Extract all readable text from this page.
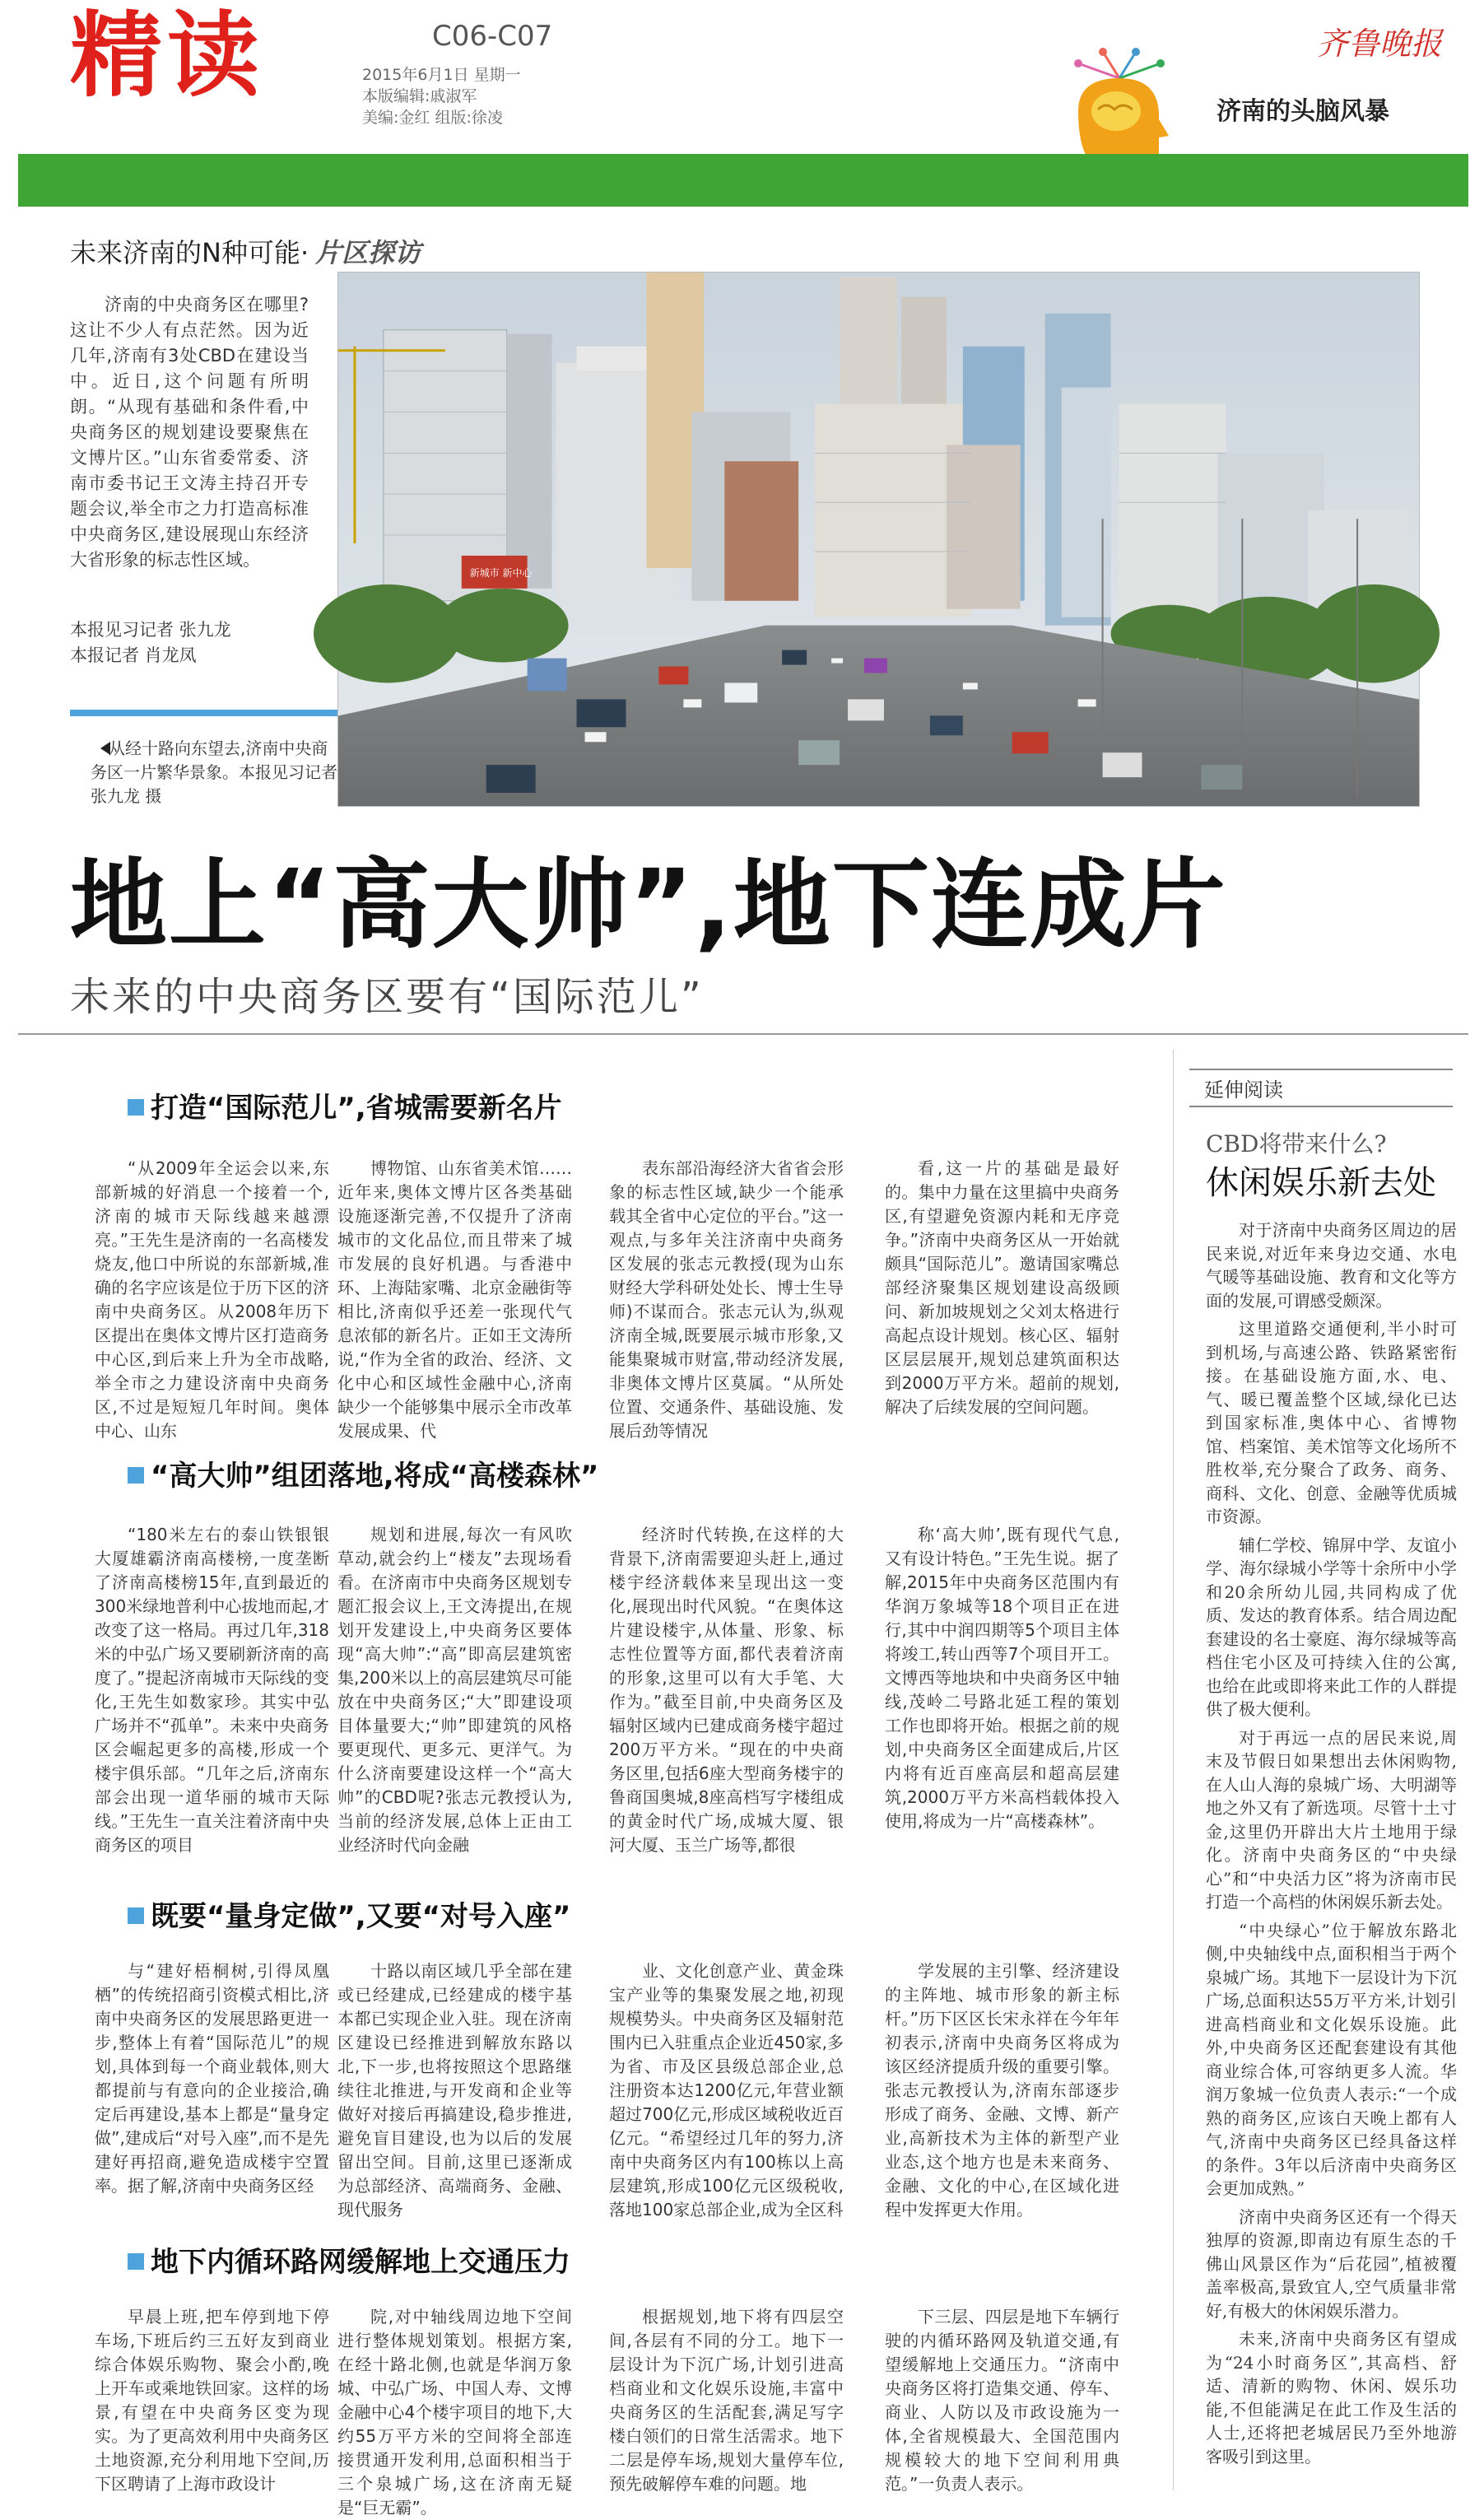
精读	C06-C07
2015年6月1日 星期一
本版编辑:戚淑军
美编:金红 组版:徐凌
齐鲁晚报
济南的头脑风暴
未来济南的N种可能· 片区探访
济南的中央商务区在哪里?这让不少人有点茫然。因为近几年,济南有3处CBD在建设当中。近日,这个问题有所明朗。“从现有基础和条件看,中央商务区的规划建设要聚焦在文博片区。”山东省委常委、济南市委书记王文涛主持召开专题会议,举全市之力打造高标准中央商务区,建设展现山东经济大省形象的标志性区域。
本报见习记者 张九龙
本报记者 肖龙凤
从经十路向东望去,济南中央商务区一片繁华景象。本报见习记者 张九龙 摄
新城市 新中心
地上“高大帅”,地下连成片
未来的中央商务区要有“国际范儿”
打造“国际范儿”,省城需要新名片
“从2009年全运会以来,东部新城的好消息一个接着一个,济南的城市天际线越来越漂亮。”王先生是济南的一名高楼发烧友,他口中所说的东部新城,准确的名字应该是位于历下区的济南中央商务区。从2008年历下区提出在奥体文博片区打造商务中心区,到后来上升为全市战略,举全市之力建设济南中央商务区,不过是短短几年时间。奥体中心、山东
博物馆、山东省美术馆……近年来,奥体文博片区各类基础设施逐渐完善,不仅提升了济南城市的文化品位,而且带来了城市发展的良好机遇。与香港中环、上海陆家嘴、北京金融街等相比,济南似乎还差一张现代气息浓郁的新名片。正如王文涛所说,“作为全省的政治、经济、文化中心和区域性金融中心,济南缺少一个能够集中展示全市改革发展成果、代
表东部沿海经济大省省会形象的标志性区域,缺少一个能承载其全省中心定位的平台。”这一观点,与多年关注济南中央商务区发展的张志元教授(现为山东财经大学科研处处长、博士生导师)不谋而合。张志元认为,纵观济南全城,既要展示城市形象,又能集聚城市财富,带动经济发展,非奥体文博片区莫属。“从所处位置、交通条件、基础设施、发展后劲等情况
看,这一片的基础是最好的。集中力量在这里搞中央商务区,有望避免资源内耗和无序竞争。”济南中央商务区从一开始就颇具“国际范儿”。邀请国家嘴总部经济聚集区规划建设高级顾问、新加坡规划之父刘太格进行高起点设计规划。核心区、辐射区层层展开,规划总建筑面积达到2000万平方米。超前的规划,解决了后续发展的空间问题。
“高大帅”组团落地,将成“高楼森林”
“180米左右的泰山铁银银大厦雄霸济南高楼榜,一度垄断了济南高楼榜15年,直到最近的300米绿地普利中心拔地而起,才改变了这一格局。再过几年,318米的中弘广场又要刷新济南的高度了。”提起济南城市天际线的变化,王先生如数家珍。其实中弘广场并不“孤单”。未来中央商务区会崛起更多的高楼,形成一个楼宇俱乐部。“几年之后,济南东部会出现一道华丽的城市天际线。”王先生一直关注着济南中央商务区的项目
规划和进展,每次一有风吹草动,就会约上“楼友”去现场看看。在济南市中央商务区规划专题汇报会议上,王文涛提出,在规划开发建设上,中央商务区要体现“高大帅”:“高”即高层建筑密集,200米以上的高层建筑尽可能放在中央商务区;“大”即建设项目体量要大;“帅”即建筑的风格要更现代、更多元、更洋气。为什么济南要建设这样一个“高大帅”的CBD呢?张志元教授认为,当前的经济发展,总体上正由工业经济时代向金融
经济时代转换,在这样的大背景下,济南需要迎头赶上,通过楼宇经济载体来呈现出这一变化,展现出时代风貌。“在奥体这片建设楼宇,从体量、形象、标志性位置等方面,都代表着济南的形象,这里可以有大手笔、大作为。”截至目前,中央商务区及辐射区域内已建成商务楼宇超过200万平方米。“现在的中央商务区里,包括6座大型商务楼宇的鲁商国奥城,8座高档写字楼组成的黄金时代广场,成城大厦、银河大厦、玉兰广场等,都很
称‘高大帅’,既有现代气息,又有设计特色。”王先生说。据了解,2015年中央商务区范围内有华润万象城等18个项目正在进行,其中中润四期等5个项目主体将竣工,转山西等7个项目开工。文博西等地块和中央商务区中轴线,茂岭二号路北延工程的策划工作也即将开始。根据之前的规划,中央商务区全面建成后,片区内将有近百座高层和超高层建筑,2000万平方米高档载体投入使用,将成为一片“高楼森林”。
既要“量身定做”,又要“对号入座”
与“建好梧桐树,引得凤凰栖”的传统招商引资模式相比,济南中央商务区的发展思路更进一步,整体上有着“国际范儿”的规划,具体到每一个商业载体,则大都提前与有意向的企业接洽,确定后再建设,基本上都是“量身定做”,建成后“对号入座”,而不是先建好再招商,避免造成楼宇空置率。据了解,济南中央商务区经
十路以南区域几乎全部在建或已经建成,已经建成的楼宇基本都已实现企业入驻。现在济南区建设已经推进到解放东路以北,下一步,也将按照这个思路继续往北推进,与开发商和企业等做好对接后再搞建设,稳步推进,避免盲目建设,也为以后的发展留出空间。目前,这里已逐渐成为总部经济、高端商务、金融、现代服务
业、文化创意产业、黄金珠宝产业等的集聚发展之地,初现规模势头。中央商务区及辐射范围内已入驻重点企业近450家,多为省、市及区县级总部企业,总注册资本达1200亿元,年营业额超过700亿元,形成区域税收近百亿元。“希望经过几年的努力,济南中央商务区内有100栋以上高层建筑,形成100亿元区级税收,落地100家总部企业,成为全区科
学发展的主引擎、经济建设的主阵地、城市形象的新主标杆。”历下区区长宋永祥在今年年初表示,济南中央商务区将成为该区经济提质升级的重要引擎。张志元教授认为,济南东部逐步形成了商务、金融、文博、新产业,高新技术为主体的新型产业业态,这个地方也是未来商务、金融、文化的中心,在区域化进程中发挥更大作用。
地下内循环路网缓解地上交通压力
早晨上班,把车停到地下停车场,下班后约三五好友到商业综合体娱乐购物、聚会小酌,晚上开车或乘地铁回家。这样的场景,有望在中央商务区变为现实。为了更高效利用中央商务区土地资源,充分利用地下空间,历下区聘请了上海市政设计
院,对中轴线周边地下空间进行整体规划策划。根据方案,在经十路北侧,也就是华润万象城、中弘广场、中国人寿、文博金融中心4个楼宇项目的地下,大约55万平方米的空间将全部连接贯通开发利用,总面积相当于三个泉城广场,这在济南无疑是“巨无霸”。
根据规划,地下将有四层空间,各层有不同的分工。地下一层设计为下沉广场,计划引进高档商业和文化娱乐设施,丰富中央商务区的生活配套,满足写字楼白领们的日常生活需求。地下二层是停车场,规划大量停车位,预先破解停车难的问题。地
下三层、四层是地下车辆行驶的内循环路网及轨道交通,有望缓解地上交通压力。“济南中央商务区将打造集交通、停车、商业、人防以及市政设施为一体,全省规模最大、全国范围内规模较大的地下空间利用典范。”一负责人表示。
延伸阅读
CBD将带来什么?
休闲娱乐新去处

对于济南中央商务区周边的居民来说,对近年来身边交通、水电气暖等基础设施、教育和文化等方面的发展,可谓感受颇深。

这里道路交通便利,半小时可到机场,与高速公路、铁路紧密衔接。在基础设施方面,水、电、气、暖已覆盖整个区域,绿化已达到国家标准,奥体中心、省博物馆、档案馆、美术馆等文化场所不胜枚举,充分聚合了政务、商务、商科、文化、创意、金融等优质城市资源。

辅仁学校、锦屏中学、友谊小学、海尔绿城小学等十余所中小学和20余所幼儿园,共同构成了优质、发达的教育体系。结合周边配套建设的名士豪庭、海尔绿城等高档住宅小区及可持续入住的公寓,也给在此或即将来此工作的人群提供了极大便利。

对于再远一点的居民来说,周末及节假日如果想出去休闲购物,在人山人海的泉城广场、大明湖等地之外又有了新选项。尽管十土寸金,这里仍开辟出大片土地用于绿化。济南中央商务区的“中央绿心”和“中央活力区”将为济南市民打造一个高档的休闲娱乐新去处。

“中央绿心”位于解放东路北侧,中央轴线中点,面积相当于两个泉城广场。其地下一层设计为下沉广场,总面积达55万平方米,计划引进高档商业和文化娱乐设施。此外,中央商务区还配套建设有其他商业综合体,可容纳更多人流。华润万象城一位负责人表示:“一个成熟的商务区,应该白天晚上都有人气,济南中央商务区已经具备这样的条件。3年以后济南中央商务区会更加成熟。”

济南中央商务区还有一个得天独厚的资源,即南边有原生态的千佛山风景区作为“后花园”,植被覆盖率极高,景致宜人,空气质量非常好,有极大的休闲娱乐潜力。

未来,济南中央商务区有望成为“24小时商务区”,其高档、舒适、清新的购物、休闲、娱乐功能,不但能满足在此工作及生活的人士,还将把老城居民乃至外地游客吸引到这里。
